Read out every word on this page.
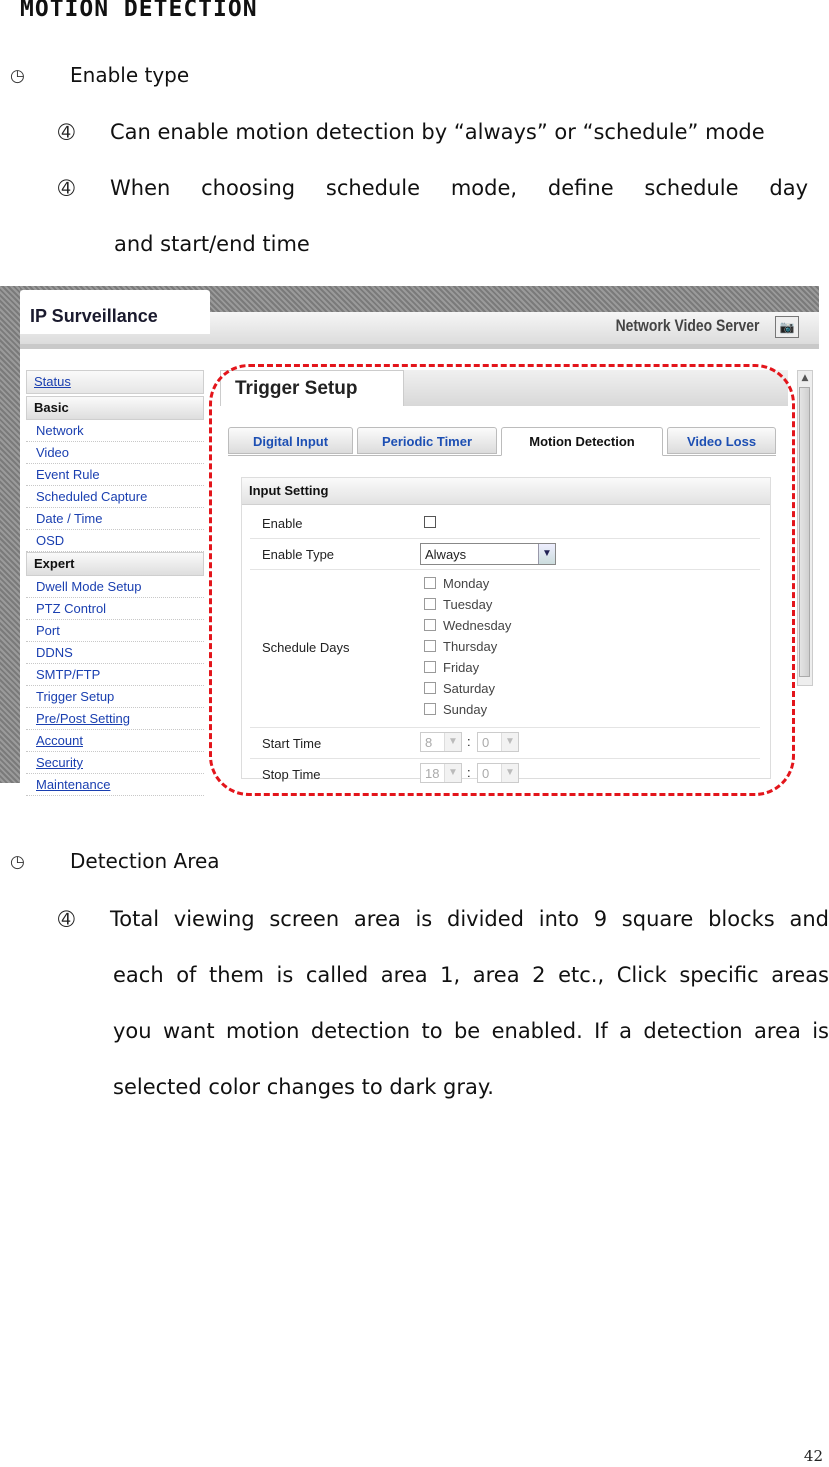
MOTION DETECTION
◷ Enable type
➃ Can enable motion detection by “always” or “schedule” mode
➃ When choosing schedule mode, define schedule day
and start/end time
IP Surveillance	Network Video Server	📷
Status
Basic
Network
Video
Event Rule
Scheduled Capture
Date / Time
OSD
Expert
Dwell Mode Setup
PTZ Control
Port
DDNS
SMTP/FTP
Trigger Setup
Pre/Post Setting
Account
Security
Maintenance
Trigger Setup
Digital Input	Periodic Timer	Motion Detection	Video Loss
Input Setting
Enable
Enable Type	Always	▼
Schedule Days
Monday
Tuesday
Wednesday
Thursday
Friday
Saturday
Sunday
Start Time	8	▼ : 0	▼
Stop Time	18 ▼ : 0	▼
▲
◷ Detection Area
➃ Total viewing screen area is divided into 9 square blocks and
each of them is called area 1, area 2 etc., Click specific areas
you want motion detection to be enabled. If a detection area is
selected color changes to dark gray.
42
